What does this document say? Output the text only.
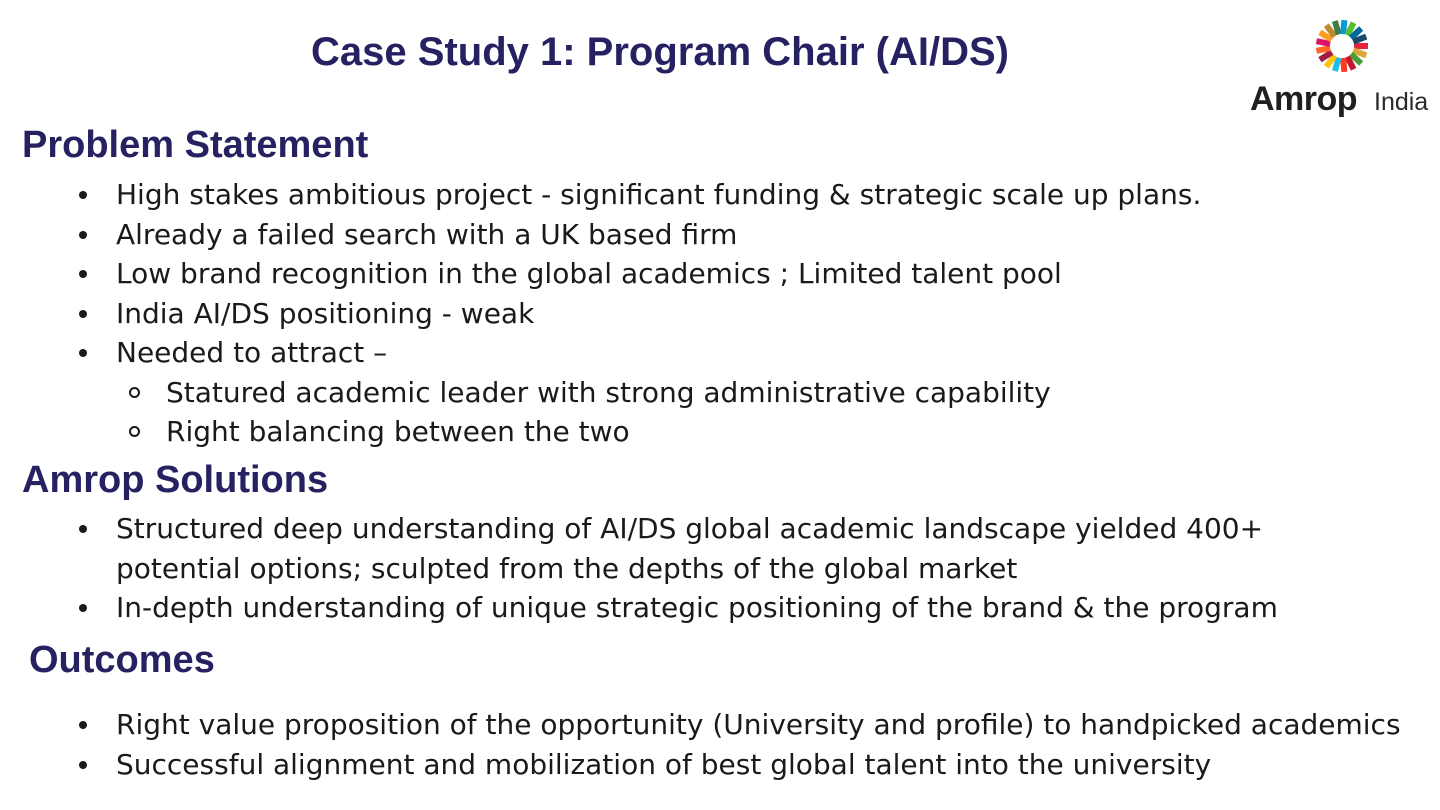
Case Study 1: Program Chair (AI/DS)
Amrop India
Problem Statement
High stakes ambitious project - significant funding & strategic scale up plans.
Already a failed search with a UK based firm
Low brand recognition in the global academics ; Limited talent pool
India AI/DS positioning - weak
Needed to attract –
Statured academic leader with strong administrative capability
Right balancing between the two
Amrop Solutions
Structured deep understanding of AI/DS global academic landscape yielded 400+ potential options; sculpted from the depths of the global market
In-depth understanding of unique strategic positioning of the brand & the program
Outcomes
Right value proposition of the opportunity (University and profile) to handpicked academics
Successful alignment and mobilization of best global talent into the university
